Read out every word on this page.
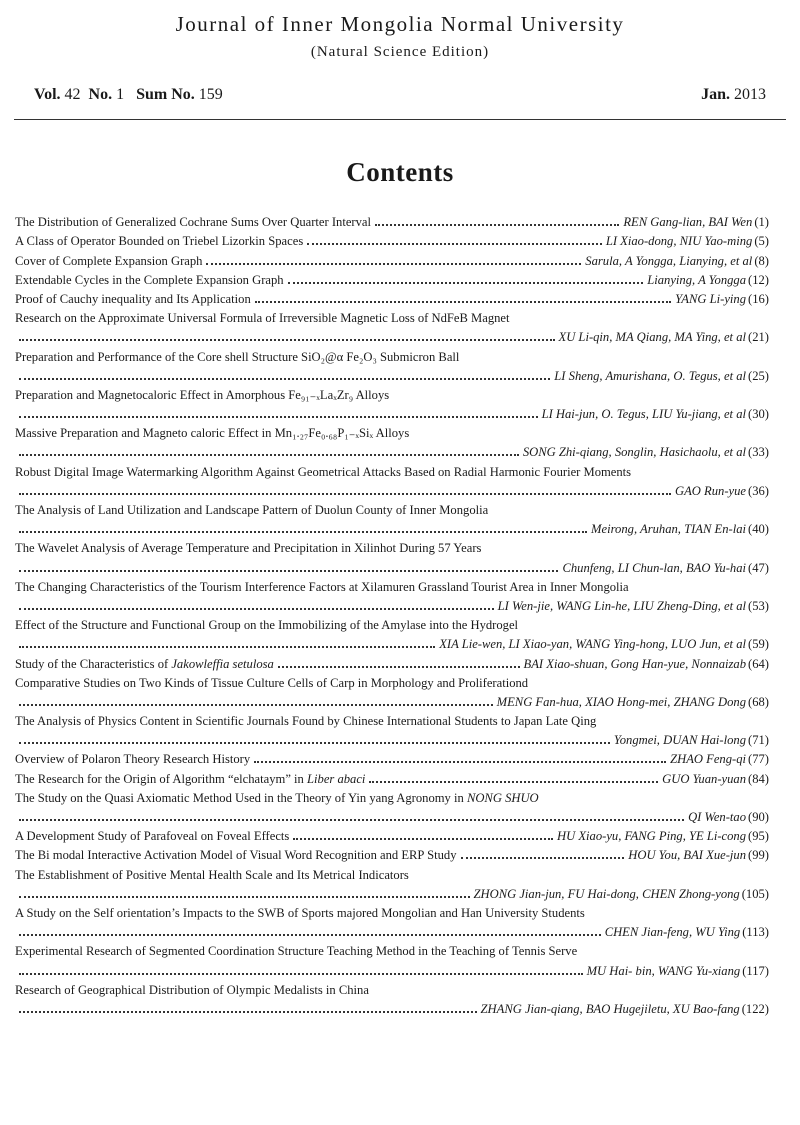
Journal of Inner Mongolia Normal University
(Natural Science Edition)
Vol. 42 No. 1 Sum No. 159	Jan. 2013
Contents
The Distribution of Generalized Cochrane Sums Over Quarter Interval	REN Gang-lian, BAI Wen (1)
A Class of Operator Bounded on Triebel Lizorkin Spaces	LI Xiao-dong, NIU Yao-ming (5)
Cover of Complete Expansion Graph	Sarula, A Yongga, Lianying, et al (8)
Extendable Cycles in the Complete Expansion Graph	Lianying, A Yongga (12)
Proof of Cauchy inequality and Its Application	YANG Li-ying (16)
Research on the Approximate Universal Formula of Irreversible Magnetic Loss of NdFeB Magnet
XU Li-qin, MA Qiang, MA Ying, et al (21)
Preparation and Performance of the Core shell Structure SiO₂@α Fe₂O₃ Submicron Ball
LI Sheng, Amurishana, O. Tegus, et al (25)
Preparation and Magnetocaloric Effect in Amorphous Fe₉₁₋ₓLaₓZr₉ Alloys
LI Hai-jun, O. Tegus, LIU Yu-jiang, et al (30)
Massive Preparation and Magneto caloric Effect in Mn₁.₂₇Fe₀.₆₈P₁₋ₓSiₓ Alloys
SONG Zhi-qiang, Songlin, Hasichaolu, et al (33)
Robust Digital Image Watermarking Algorithm Against Geometrical Attacks Based on Radial Harmonic Fourier Moments
GAO Run-yue (36)
The Analysis of Land Utilization and Landscape Pattern of Duolun County of Inner Mongolia
Meirong, Aruhan, TIAN En-lai (40)
The Wavelet Analysis of Average Temperature and Precipitation in Xilinhot During 57 Years
Chunfeng, LI Chun-lan, BAO Yu-hai (47)
The Changing Characteristics of the Tourism Interference Factors at Xilamuren Grassland Tourist Area in Inner Mongolia
LI Wen-jie, WANG Lin-he, LIU Zheng-Ding, et al (53)
Effect of the Structure and Functional Group on the Immobilizing of the Amylase into the Hydrogel
XIA Lie-wen, LI Xiao-yan, WANG Ying-hong, LUO Jun, et al (59)
Study of the Characteristics of Jakowleffia setulosa	BAI Xiao-shuan, Gong Han-yue, Nonnaizab (64)
Comparative Studies on Two Kinds of Tissue Culture Cells of Carp in Morphology and Proliferationd
MENG Fan-hua, XIAO Hong-mei, ZHANG Dong (68)
The Analysis of Physics Content in Scientific Journals Found by Chinese International Students to Japan Late Qing
Yongmei, DUAN Hai-long (71)
Overview of Polaron Theory Research History	ZHAO Feng-qi (77)
The Research for the Origin of Algorithm “elchataym” in Liber abaci	GUO Yuan-yuan (84)
The Study on the Quasi Axiomatic Method Used in the Theory of Yin yang Agronomy in NONG SHUO
QI Wen-tao (90)
A Development Study of Parafoveal on Foveal Effects	HU Xiao-yu, FANG Ping, YE Li-cong (95)
The Bi modal Interactive Activation Model of Visual Word Recognition and ERP Study	HOU You, BAI Xue-jun (99)
The Establishment of Positive Mental Health Scale and Its Metrical Indicators
ZHONG Jian-jun, FU Hai-dong, CHEN Zhong-yong (105)
A Study on the Self orientation’s Impacts to the SWB of Sports majored Mongolian and Han University Students
CHEN Jian-feng, WU Ying (113)
Experimental Research of Segmented Coordination Structure Teaching Method in the Teaching of Tennis Serve
MU Hai- bin, WANG Yu-xiang (117)
Research of Geographical Distribution of Olympic Medalists in China
ZHANG Jian-qiang, BAO Hugejiletu, XU Bao-fang (122)
